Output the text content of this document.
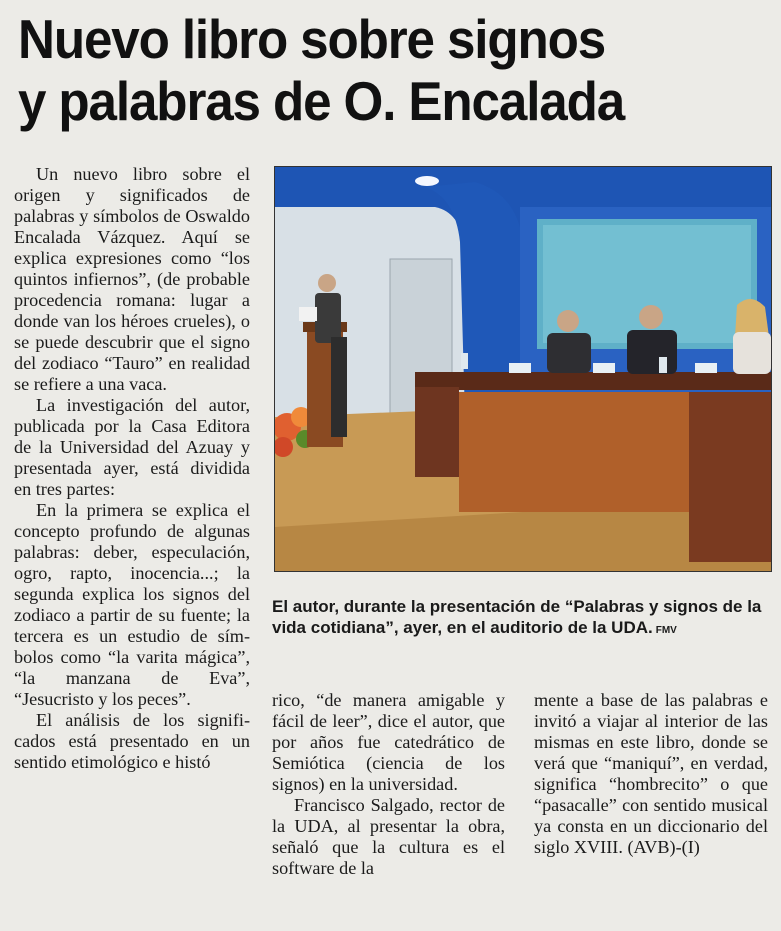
Nuevo libro sobre signos
y palabras de O. Encalada

Un nuevo libro sobre el origen y significados de palabras y símbolos de Oswaldo Encalada Vázquez. Aquí se explica expresiones como “los quintos infiernos”, (de probable procedencia romana: lugar a donde van los héroes crueles), o se puede descubrir que el signo del zodiaco “Tauro” en realidad se refiere a una vaca.

La investigación del autor, publicada por la Casa Editora de la Universidad del Azuay y presentada ayer, está dividida en tres partes:

En la primera se explica el concepto profundo de algunas palabras: deber, especulación, ogro, rapto, inocencia...; la segunda explica los signos del zodiaco a partir de su fuente; la tercera es un estudio de símbolos como “la varita mágica”, “la manzana de Eva”, “Jesucristo y los peces”.

El análisis de los significados está presentado en un sentido etimológico e histó

El autor, durante la presentación de “Palabras y signos de la vida cotidiana”, ayer, en el auditorio de la UDA. FMV

rico, “de manera amigable y fácil de leer”, dice el autor, que por años fue catedrático de Semiótica (ciencia de los signos) en la universidad.

Francisco Salgado, rector de la UDA, al presentar la obra, señaló que la cultura es el software de la

mente a base de las palabras e invitó a viajar al interior de las mismas en este libro, donde se verá que “maniquí”, en verdad, significa “hombrecito” o que “pasacalle” con sentido musical ya consta en un diccionario del siglo XVIII. (AVB)-(I)
